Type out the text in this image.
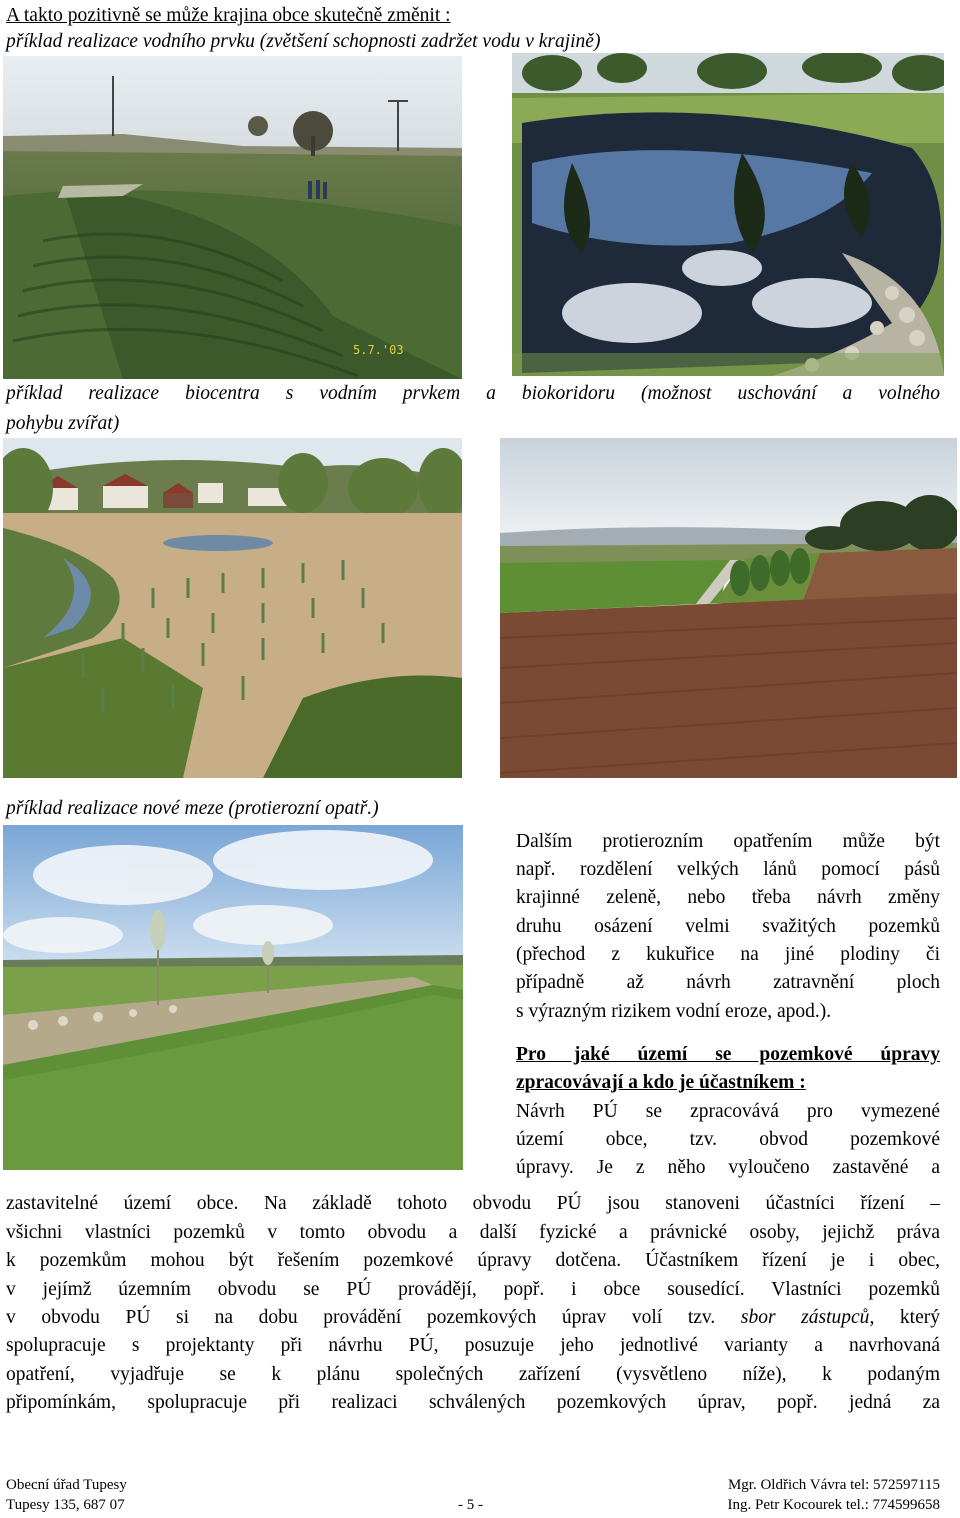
A takto pozitivně se může krajina obce skutečně změnit :
příklad realizace vodního prvku (zvětšení schopnosti zadržet vodu v krajině)
5.7.'03
příklad realizace biocentra s vodním prvkem a biokoridoru (možnost uschování a volného
pohybu zvířat)
příklad realizace nové meze (protierozní opatř.)
Dalším protierozním opatřením může být
např. rozdělení velkých lánů pomocí pásů
krajinné zeleně, nebo třeba návrh změny
druhu osázení velmi svažitých pozemků
(přechod z kukuřice na jiné plodiny či
případně až návrh zatravnění ploch
s výrazným rizikem vodní eroze, apod.).
Pro jaké území se pozemkové úpravy
zpracovávají a kdo je účastníkem :
Návrh PÚ se zpracovává pro vymezené
území obce, tzv. obvod pozemkové
úpravy. Je z něho vyloučeno zastavěné a
zastavitelné území obce. Na základě tohoto obvodu PÚ jsou stanoveni účastníci řízení –
všichni vlastníci pozemků v tomto obvodu a další fyzické a právnické osoby, jejichž práva
k pozemkům mohou být řešením pozemkové úpravy dotčena. Účastníkem řízení je i obec,
v jejímž územním obvodu se PÚ provádějí, popř. i obce sousedící. Vlastníci pozemků
v obvodu PÚ si na dobu provádění pozemkových úprav volí tzv. sbor zástupců, který
spolupracuje s projektanty při návrhu PÚ, posuzuje jeho jednotlivé varianty a navrhovaná
opatření, vyjadřuje se k plánu společných zařízení (vysvětleno níže), k podaným
připomínkám, spolupracuje při realizaci schválených pozemkových úprav, popř. jedná za
Obecní úřad Tupesy
Tupesy 135, 687 07	- 5 -
Mgr. Oldřich Vávra tel: 572597115
Ing. Petr Kocourek tel.: 774599658
